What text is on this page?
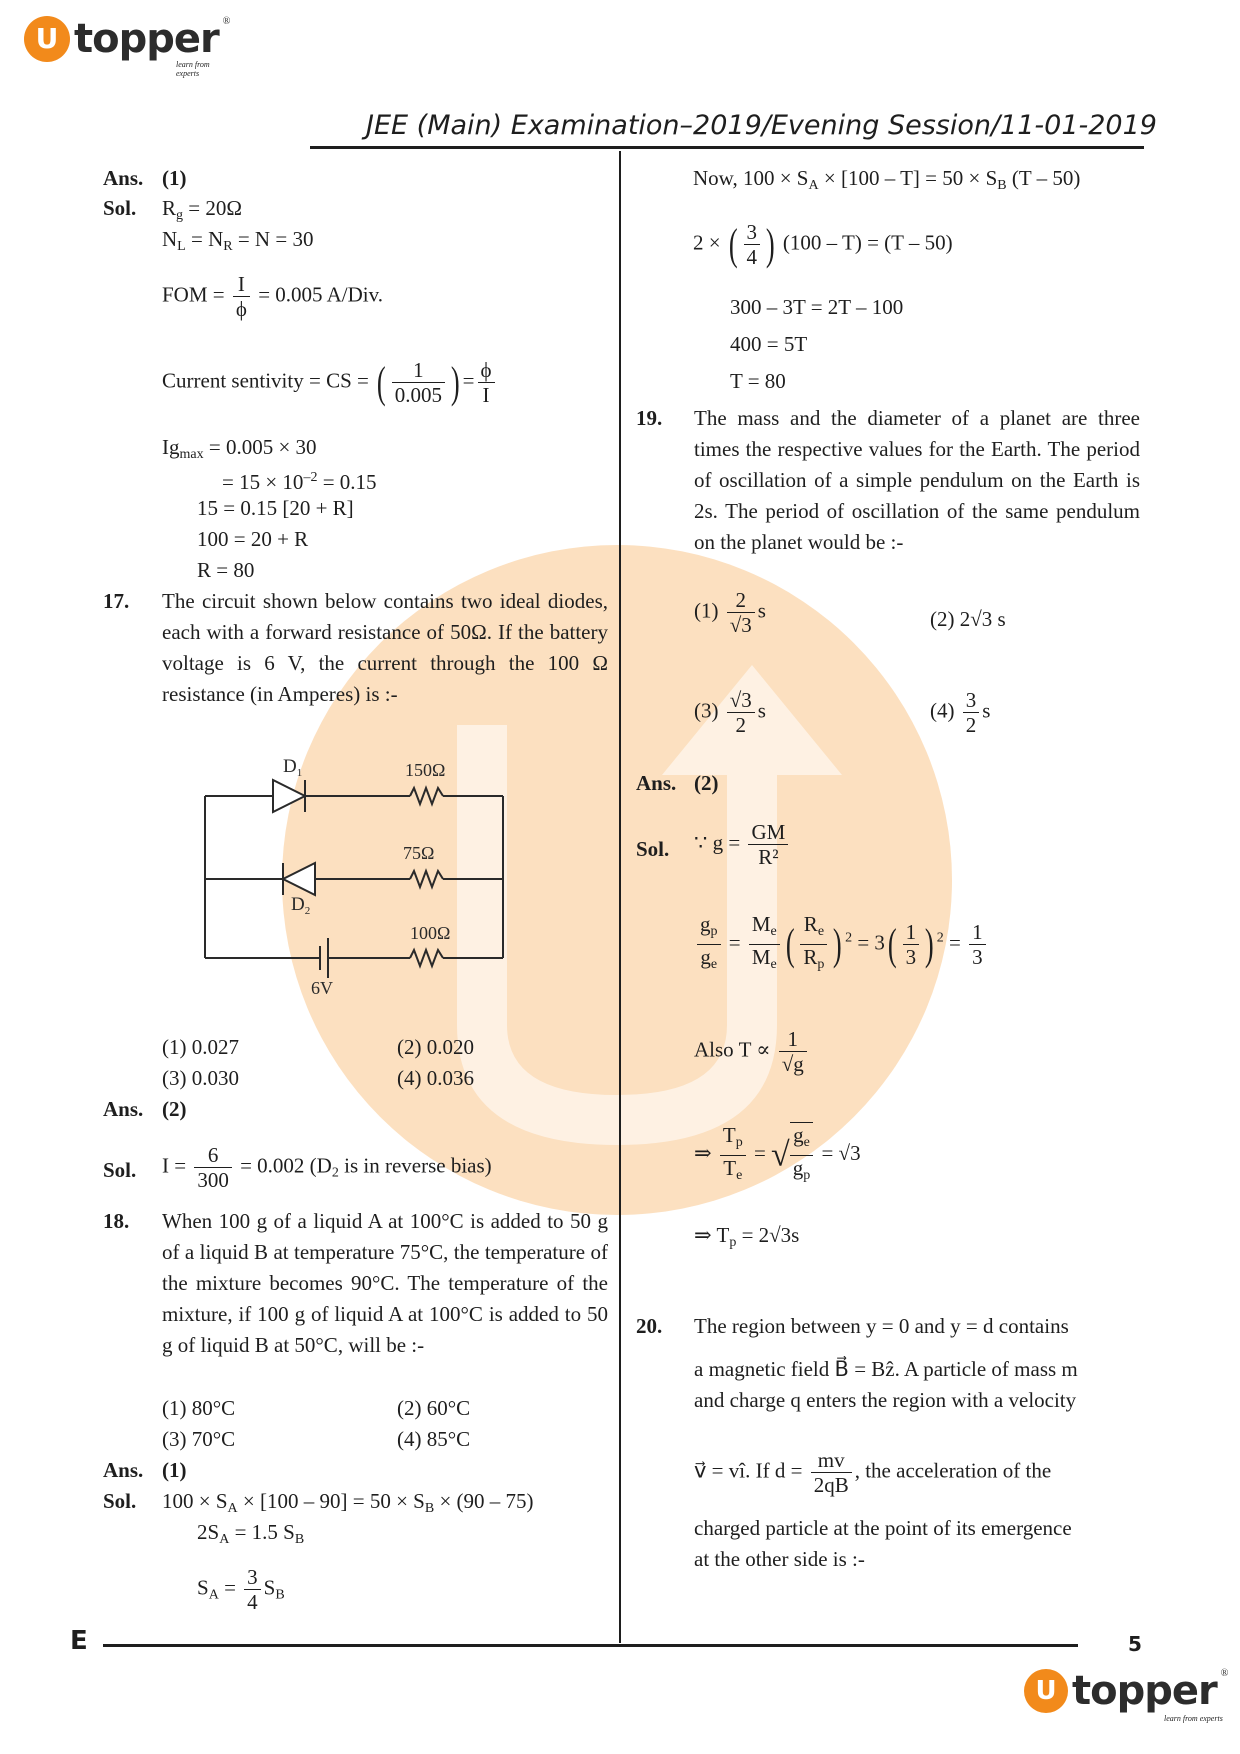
U topper ®
learn from experts
JEE (Main) Examination–2019/Evening Session/11-01-2019
Ans. (1)
Sol. $R_g = 20\Omega$
$N_L = N_R = N = 30$
FOM = $\frac{I}{\phi} = 0.005$ A/Div.
Current sentivity = CS = ( $\frac{1}{0.005}$ ) = $\frac{\phi}{I}$
$Ig_{max} = 0.005 \times 30$
= $15 \times 10^{-2} = 0.15$
15 = 0.15 [20 + R]
100 = 20 + R
R = 80
17. The circuit shown below contains two ideal diodes, each with a forward resistance of 50Ω. If the battery voltage is 6 V, the current through the 100 Ω resistance (in Amperes) is :-
$D_1$	150Ω
75Ω
$D_2$
100Ω
6V
(1) 0.027	(2) 0.020
(3) 0.030	(4) 0.036
Ans. (2)
Sol. $I = \frac{6}{300} = 0.002$ ($D_2$ is in reverse bias)
18. When 100 g of a liquid A at 100°C is added to 50 g of a liquid B at temperature 75°C, the temperature of the mixture becomes 90°C. The temperature of the mixture, if 100 g of liquid A at 100°C is added to 50 g of liquid B at 50°C, will be :-
(1) 80°C	(2) 60°C
(3) 70°C	(4) 85°C
Ans. (1)
Sol. $100 \times S_A \times [100 - 90] = 50 \times S_B \times (90 - 75)$
$2S_A = 1.5$ $S_B$
$S_A = \frac{3}{4} S_B$
Now, $100 \times S_A \times [100 - T] = 50 \times S_B$ (T – 50)
2 × ( $\frac{3}{4}$ ) (100 – T) = (T – 50)
300 – 3T = 2T – 100
400 = 5T
T = 80
19. The mass and the diameter of a planet are three times the respective values for the Earth. The period of oscillation of a simple pendulum on the Earth is 2s. The period of oscillation of the same pendulum on the planet would be :-
$(1) \frac{2}{√3}$ s	(2) 2√3 s
$(3) \frac{√3}{2}$ s	$(4) \frac{3}{2}$ s
Ans. (2)
Sol. ∵ $g = \frac{GM}{\text{R²}}$
$\frac{g_p}{g_e} = \frac{M_e}{M_e}$ ( $\frac{R_e}{R_p}$ ) $^2 = 3( \frac{1}{3}$ ) $^2 = \frac{1}{3}$
Also $T \propto \frac{1}{√g}$
⇒ $\frac{T_p}{T_e}$ = √ $\frac{g_e}{g_p} = √3$
⇒ $T_p = 2√3s$
20. The region between y = 0 and y = d contains
a magnetic field B⃗ = Bẑ. A particle of mass m
and charge q enters the region with a velocity
v⃗ = vî. If $d = \frac{mv}{2qB}$ , the acceleration of the
charged particle at the point of its emergence
at the other side is :-
E	5
U topper ®
learn from experts
